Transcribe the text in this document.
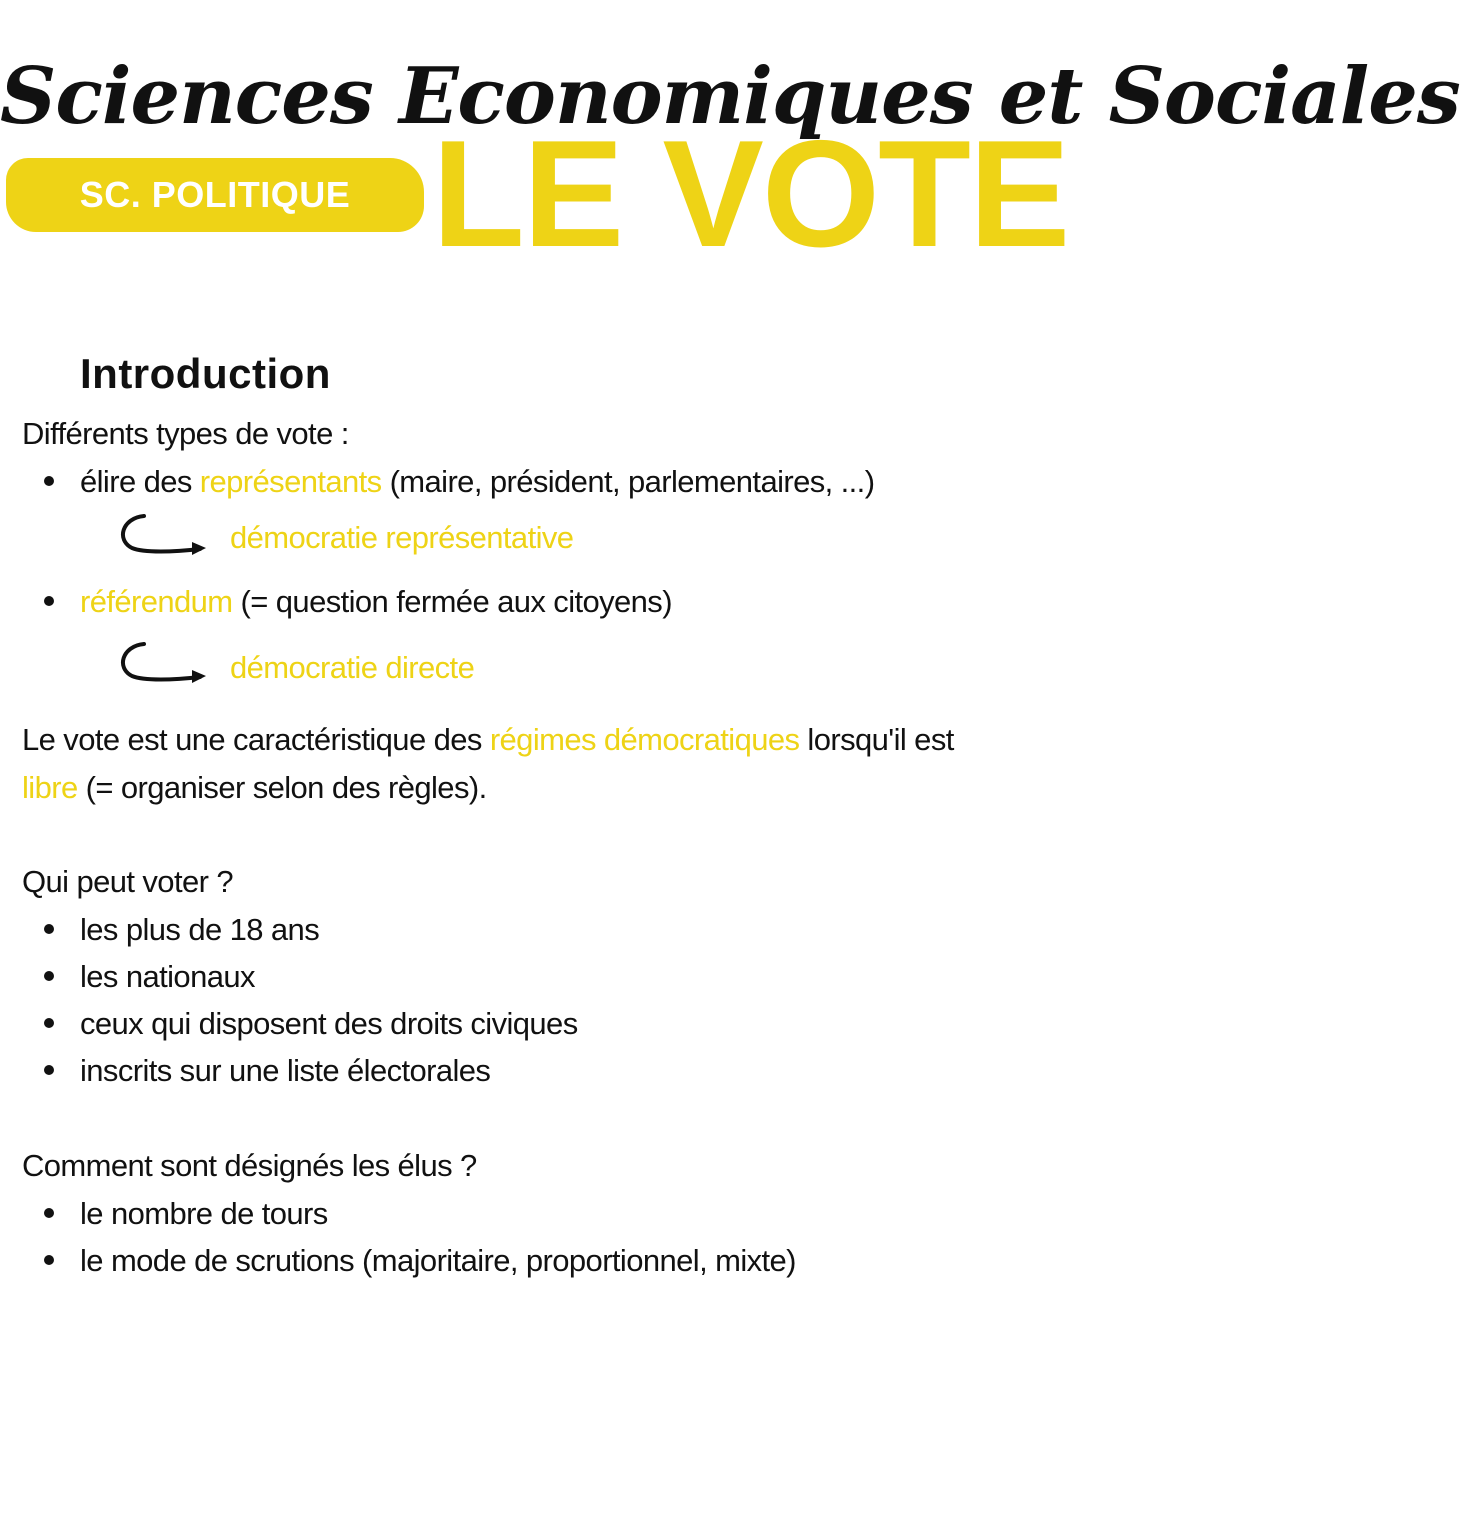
Sciences Economiques et Sociales
SC. POLITIQUE LE VOTE
Introduction
Différents types de vote :
élire des représentants (maire, président, parlementaires, ...)
démocratie représentative
référendum (= question fermée aux citoyens)
démocratie directe
Le vote est une caractéristique des régimes démocratiques lorsqu'il est
libre (= organiser selon des règles).
Qui peut voter ?
les plus de 18 ans
les nationaux
ceux qui disposent des droits civiques
inscrits sur une liste électorales
Comment sont désignés les élus ?
le nombre de tours
le mode de scrutions (majoritaire, proportionnel, mixte)
